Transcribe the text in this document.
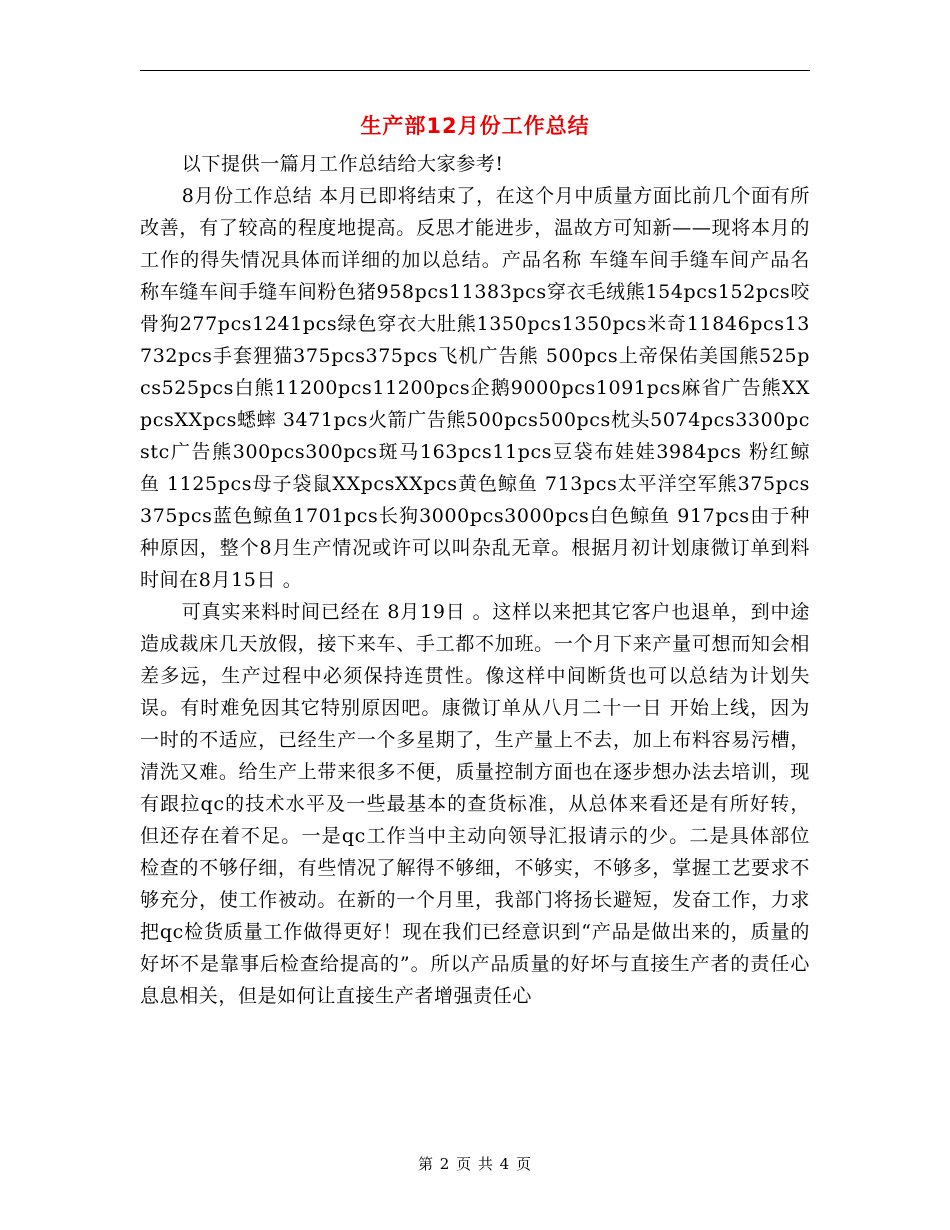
生产部12月份工作总结

以下提供一篇月工作总结给大家参考!

8月份工作总结 本月已即将结束了，在这个月中质量方面比前几个面有所改善，有了较高的程度地提高。反思才能进步，温故方可知新——现将本月的工作的得失情况具体而详细的加以总结。产品名称 车缝车间手缝车间产品名称车缝车间手缝车间粉色猪958pcs11383pcs穿衣毛绒熊154pcs152pcs咬骨狗277pcs1241pcs绿色穿衣大肚熊1350pcs1350pcs米奇11846pcs13732pcs手套狸猫375pcs375pcs飞机广告熊 500pcs上帝保佑美国熊525pcs525pcs白熊11200pcs11200pcs企鹅9000pcs1091pcs麻省广告熊XXpcsXXpcs蟋蟀 3471pcs火箭广告熊500pcs500pcs枕头5074pcs3300pcstc广告熊300pcs300pcs斑马163pcs11pcs豆袋布娃娃3984pcs 粉红鲸鱼 1125pcs母子袋鼠XXpcsXXpcs黄色鲸鱼 713pcs太平洋空军熊375pcs375pcs蓝色鲸鱼1701pcs长狗3000pcs3000pcs白色鲸鱼 917pcs由于种种原因，整个8月生产情况或许可以叫杂乱无章。根据月初计划康微订单到料时间在8月15日 。

可真实来料时间已经在 8月19日 。这样以来把其它客户也退单，到中途造成裁床几天放假，接下来车、手工都不加班。一个月下来产量可想而知会相差多远，生产过程中必须保持连贯性。像这样中间断货也可以总结为计划失误。有时难免因其它特别原因吧。康微订单从八月二十一日 开始上线，因为一时的不适应，已经生产一个多星期了，生产量上不去，加上布料容易污槽，清洗又难。给生产上带来很多不便，质量控制方面也在逐步想办法去培训，现有跟拉qc的技术水平及一些最基本的查货标准，从总体来看还是有所好转，但还存在着不足。一是qc工作当中主动向领导汇报请示的少。二是具体部位检查的不够仔细，有些情况了解得不够细，不够实，不够多，掌握工艺要求不够充分，使工作被动。在新的一个月里，我部门将扬长避短，发奋工作，力求把qc检货质量工作做得更好！现在我们已经意识到“产品是做出来的，质量的好坏不是靠事后检查给提高的”。所以产品质量的好坏与直接生产者的责任心息息相关，但是如何让直接生产者增强责任心

第 2 页 共 4 页
